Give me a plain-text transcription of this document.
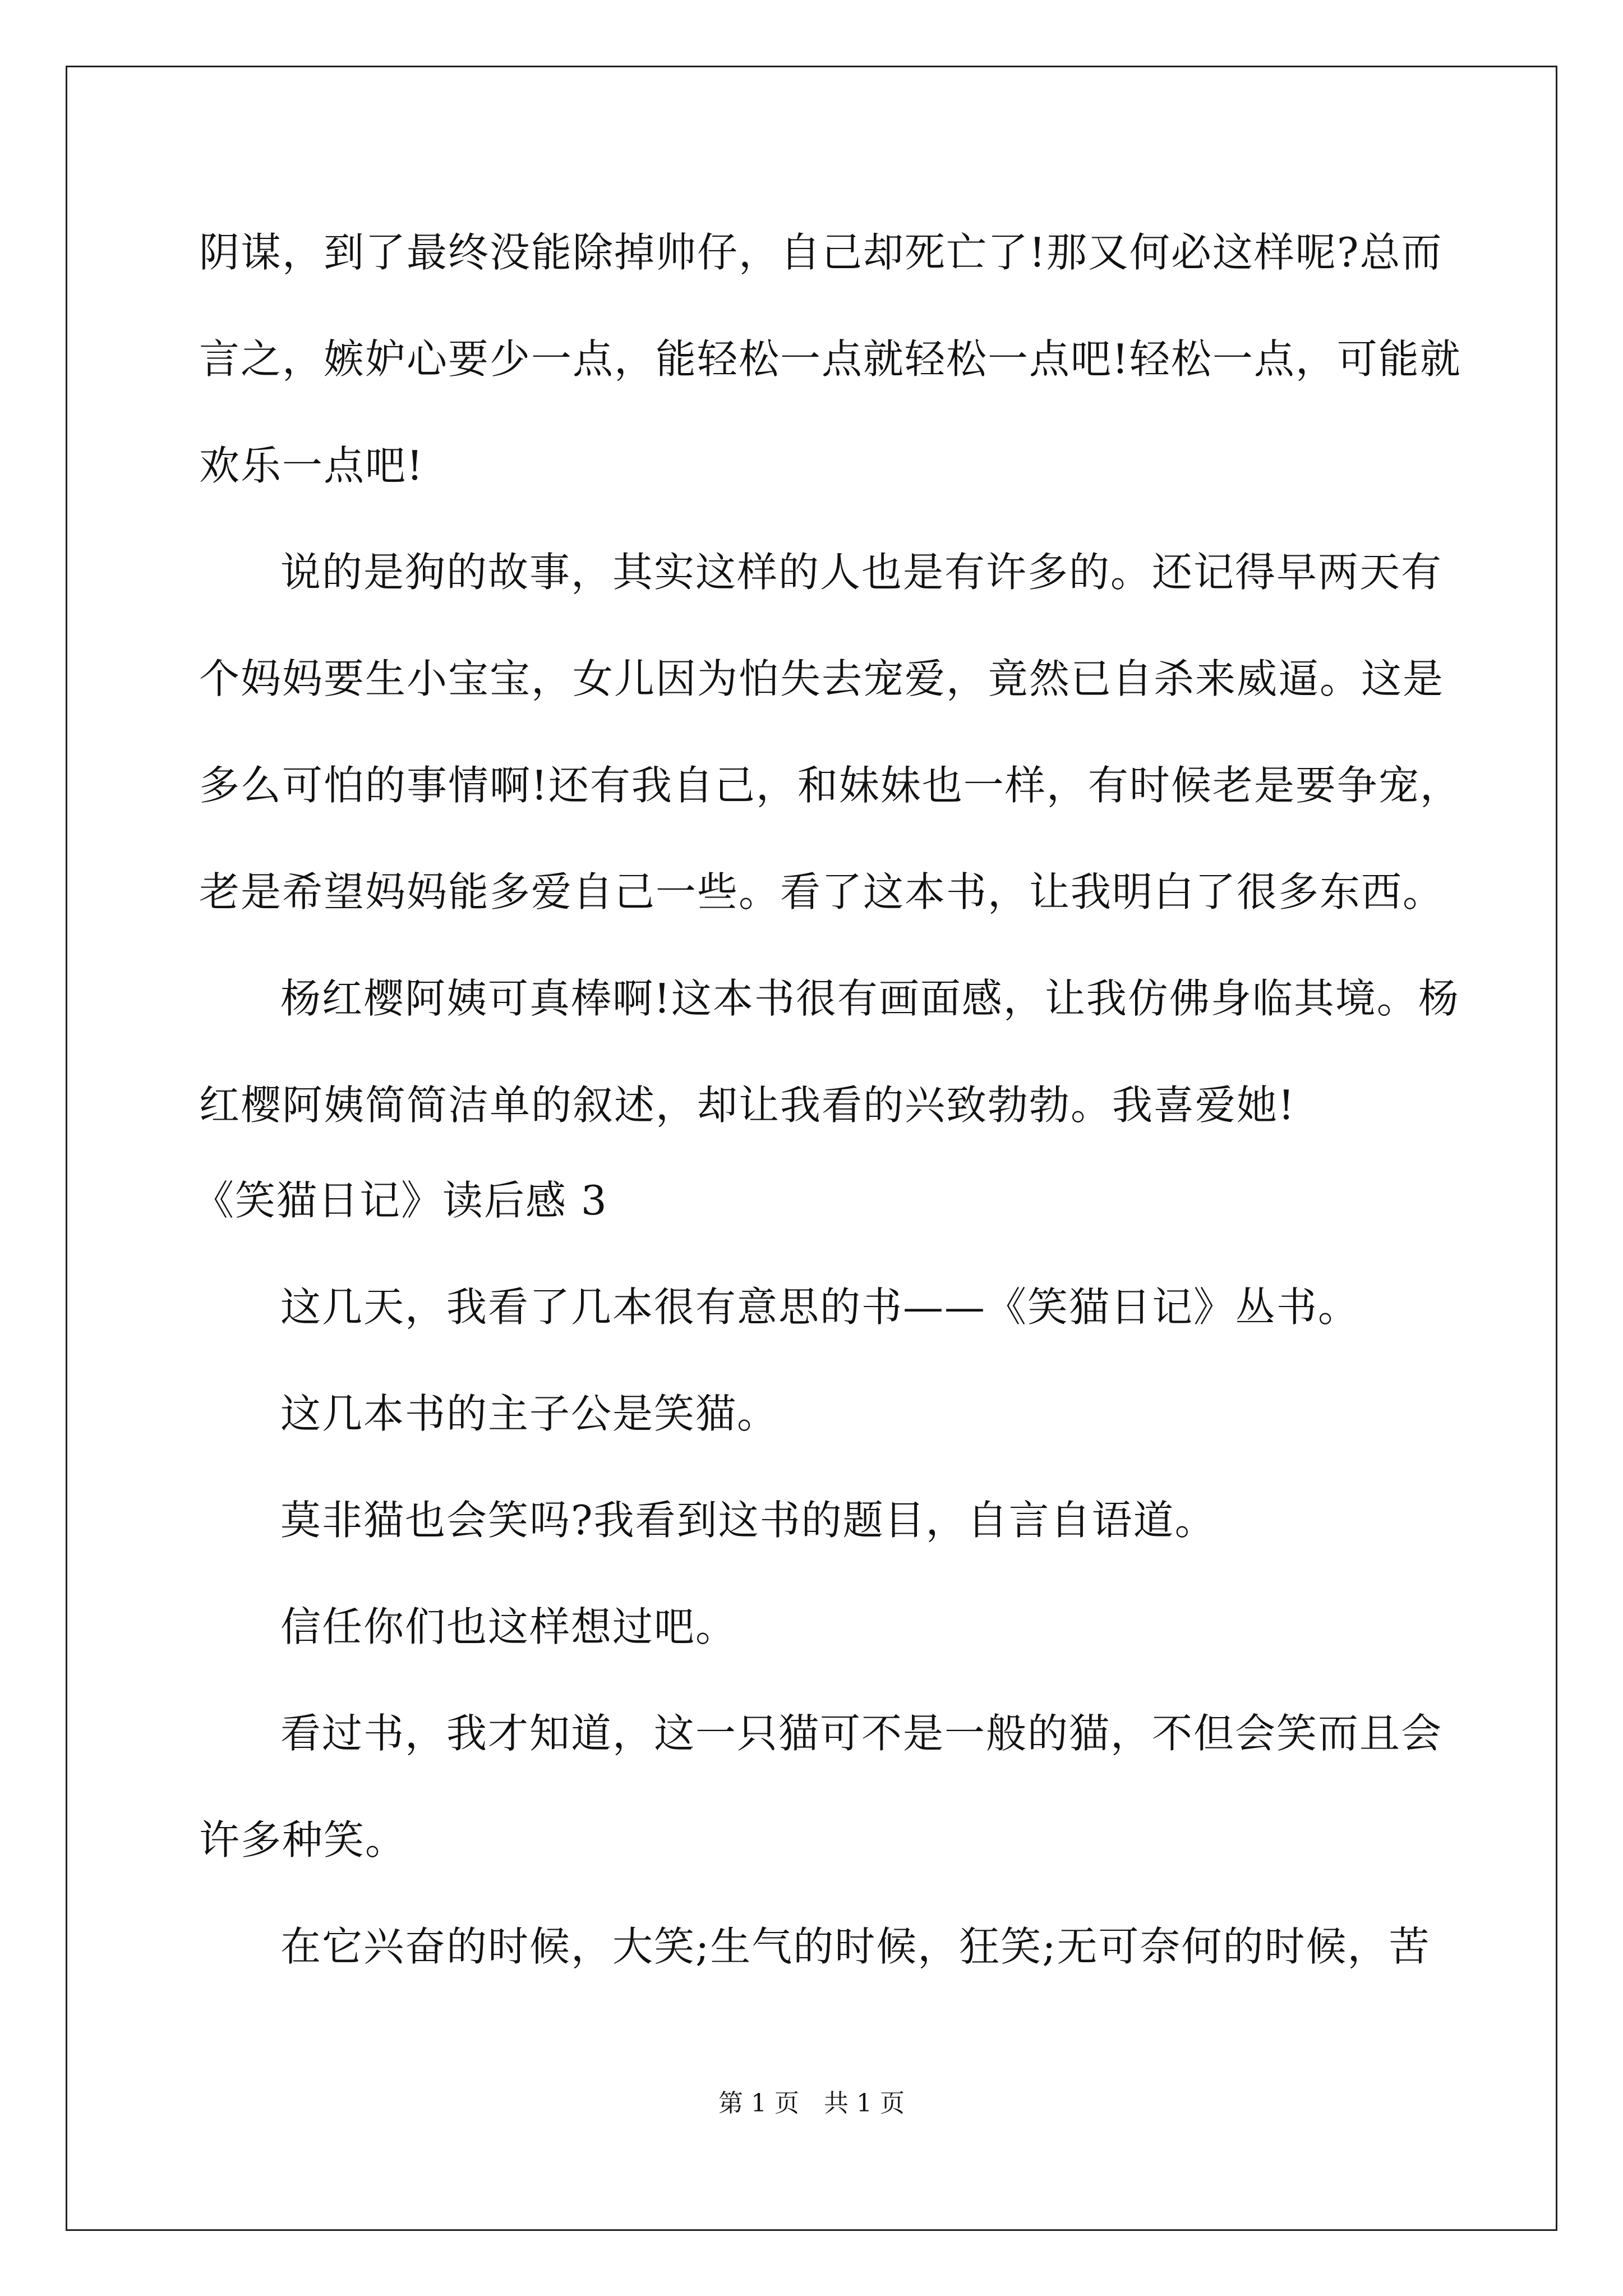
阴谋，到了最终没能除掉帅仔，自己却死亡了!那又何必这样呢?总而
言之，嫉妒心要少一点，能轻松一点就轻松一点吧!轻松一点，可能就
欢乐一点吧!
说的是狗的故事，其实这样的人也是有许多的。还记得早两天有
个妈妈要生小宝宝，女儿因为怕失去宠爱，竟然已自杀来威逼。这是
多么可怕的事情啊!还有我自己，和妹妹也一样，有时候老是要争宠，
老是希望妈妈能多爱自己一些。看了这本书，让我明白了很多东西。
杨红樱阿姨可真棒啊!这本书很有画面感，让我仿佛身临其境。杨
红樱阿姨简简洁单的叙述，却让我看的兴致勃勃。我喜爱她!
《笑猫日记》读后感 3
这几天，我看了几本很有意思的书——《笑猫日记》丛书。
这几本书的主子公是笑猫。
莫非猫也会笑吗?我看到这书的题目，自言自语道。
信任你们也这样想过吧。
看过书，我才知道，这一只猫可不是一般的猫，不但会笑而且会
许多种笑。
在它兴奋的时候，大笑;生气的时候，狂笑;无可奈何的时候，苦
第 1 页　共 1 页
